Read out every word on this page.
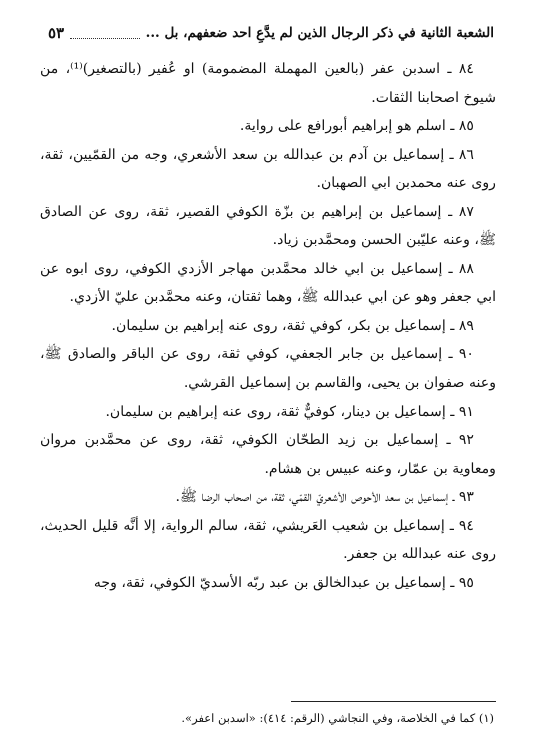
الشعبة الثانية في ذكر الرجال الذين لم يدَّعِ احد ضعفهم، بل ...
٥٣

٨٤ ـ اسدبن عفر (بالعين المهملة المضمومة) او عُفير (بالتصغير)⁽¹⁾، من شيوخ اصحابنا الثقات.

٨٥ ـ اسلم هو إبراهيم أبورافع على رواية.

٨٦ ـ إسماعيل بن آدم بن عبدالله بن سعد الأشعري، وجه من القمّيين، ثقة، روى عنه محمدبن ابي الصهبان.

٨٧ ـ إسماعيل بن إبراهيم بن بزّة الكوفي القصير، ثقة، روى عن الصادق ﷺ، وعنه عليّبن الحسن ومحمَّدبن زياد.

٨٨ ـ إسماعيل بن ابي خالد محمَّدبن مهاجر الأزدي الكوفي، روى ابوه عن ابي جعفر وهو عن ابي عبدالله ﷺ، وهما ثقتان، وعنه محمَّدبن عليّ الأزدي.

٨٩ ـ إسماعيل بن بكر، كوفي ثقة، روى عنه إبراهيم بن سليمان.

٩٠ ـ إسماعيل بن جابر الجعفي، كوفي ثقة، روى عن الباقر والصادق ﷺ، وعنه صفوان بن يحيى، والقاسم بن إسماعيل القرشي.

٩١ ـ إسماعيل بن دينار، كوفيٌّ ثقة، روى عنه إبراهيم بن سليمان.

٩٢ ـ إسماعيل بن زيد الطحّان الكوفي، ثقة، روى عن محمَّدبن مروان ومعاوية بن عمّار، وعنه عبيس بن هشام.

٩٣ ـ إسماعيل بن سعد الأحوص الأشعريّ القمّي، ثقة، من اصحاب الرضا ﷺ.

٩٤ ـ إسماعيل بن شعيب العَريشي، ثقة، سالم الرواية، إلا أنَّه قليل الحديث، روى عنه عبدالله بن جعفر.

٩٥ ـ إسماعيل بن عبدالخالق بن عبد ربّه الأسديّ الكوفي، ثقة، وجه

(١) كما في الخلاصة، وفي النجاشي (الرقم: ٤١٤): «اسدبن اعفر».
